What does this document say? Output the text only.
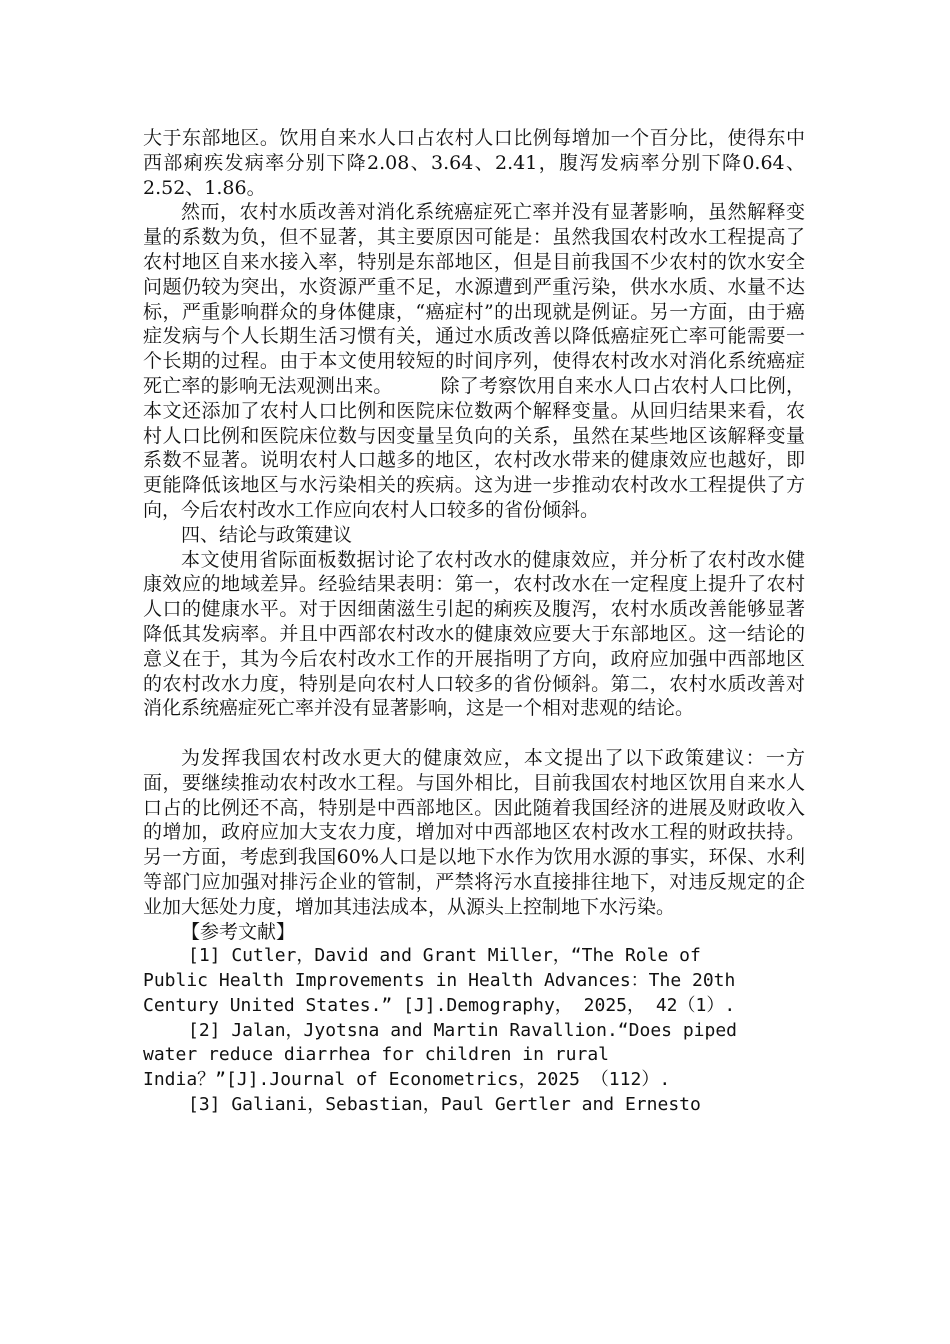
大于东部地区。饮用自来水人口占农村人口比例每增加一个百分比，使得东中西部痢疾发病率分别下降2.08、3.64、2.41，腹泻发病率分别下降0.64、2.52、1.86。

然而，农村水质改善对消化系统癌症死亡率并没有显著影响，虽然解释变量的系数为负，但不显著，其主要原因可能是：虽然我国农村改水工程提高了农村地区自来水接入率，特别是东部地区，但是目前我国不少农村的饮水安全问题仍较为突出，水资源严重不足，水源遭到严重污染，供水水质、水量不达标，严重影响群众的身体健康，“癌症村”的出现就是例证。另一方面，由于癌症发病与个人长期生活习惯有关，通过水质改善以降低癌症死亡率可能需要一个长期的过程。由于本文使用较短的时间序列，使得农村改水对消化系统癌症死亡率的影响无法观测出来。　　　除了考察饮用自来水人口占农村人口比例，本文还添加了农村人口比例和医院床位数两个解释变量。从回归结果来看，农村人口比例和医院床位数与因变量呈负向的关系，虽然在某些地区该解释变量系数不显著。说明农村人口越多的地区，农村改水带来的健康效应也越好，即更能降低该地区与水污染相关的疾病。这为进一步推动农村改水工程提供了方向，今后农村改水工作应向农村人口较多的省份倾斜。

四、结论与政策建议

本文使用省际面板数据讨论了农村改水的健康效应，并分析了农村改水健康效应的地域差异。经验结果表明：第一，农村改水在一定程度上提升了农村人口的健康水平。对于因细菌滋生引起的痢疾及腹泻，农村水质改善能够显著降低其发病率。并且中西部农村改水的健康效应要大于东部地区。这一结论的意义在于，其为今后农村改水工作的开展指明了方向，政府应加强中西部地区的农村改水力度，特别是向农村人口较多的省份倾斜。第二，农村水质改善对消化系统癌症死亡率并没有显著影响，这是一个相对悲观的结论。

为发挥我国农村改水更大的健康效应，本文提出了以下政策建议：一方面，要继续推动农村改水工程。与国外相比，目前我国农村地区饮用自来水人口占的比例还不高，特别是中西部地区。因此随着我国经济的进展及财政收入的增加，政府应加大支农力度，增加对中西部地区农村改水工程的财政扶持。另一方面，考虑到我国60%人口是以地下水作为饮用水源的事实，环保、水利等部门应加强对排污企业的管制，严禁将污水直接排往地下，对违反规定的企业加大惩处力度，增加其违法成本，从源头上控制地下水污染。

【参考文献】

[1] Cutler，David and Grant Miller，“The Role of
Public Health Improvements in Health Advances：The 20th
Century United States.” [J].Demography， 2025， 42（1）.

[2] Jalan，Jyotsna and Martin Ravallion.“Does piped
water reduce diarrhea for children in rural
India？”[J].Journal of Econometrics，2025 （112）.

[3] Galiani，Sebastian，Paul Gertler and Ernesto
